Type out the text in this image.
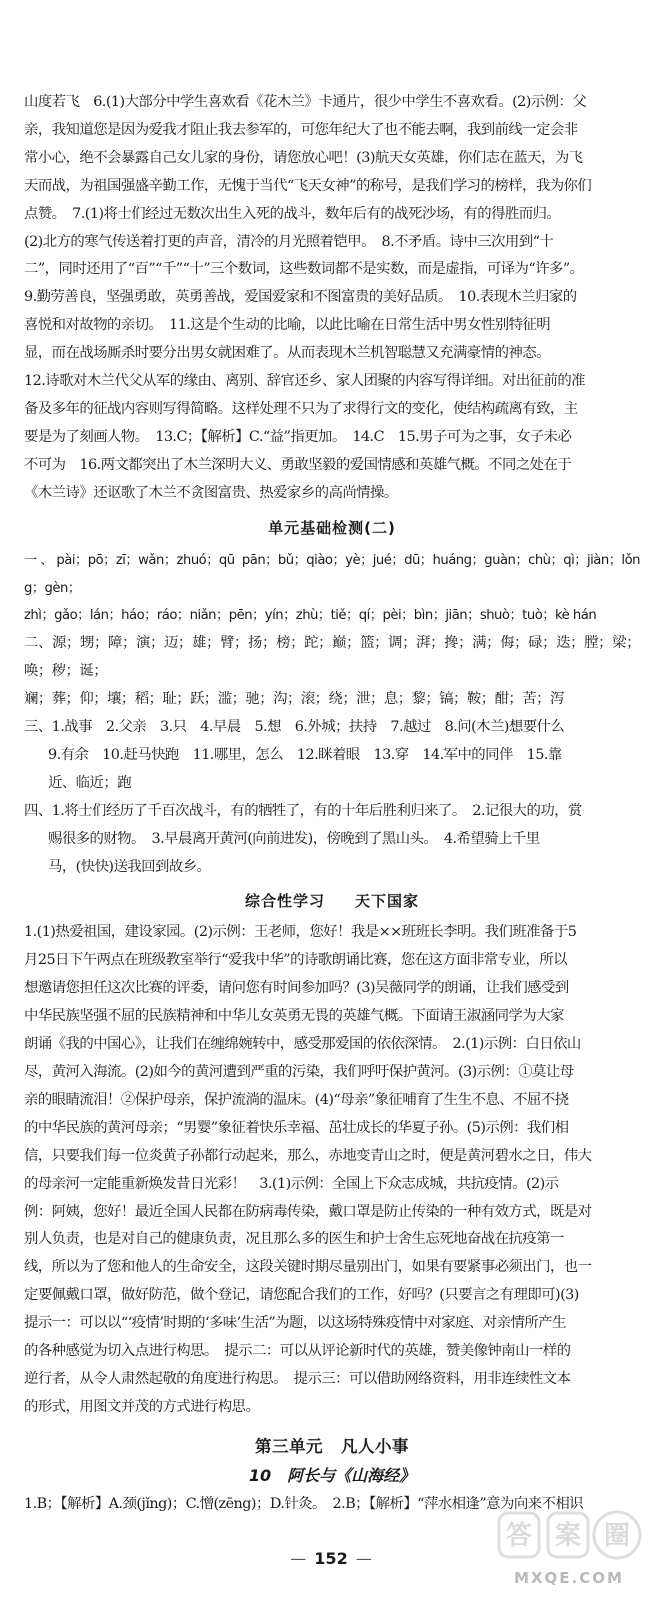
山度若飞　6.(1)大部分中学生喜欢看《花木兰》卡通片，很少中学生不喜欢看。(2)示例：父

亲，我知道您是因为爱我才阻止我去参军的，可您年纪大了也不能去啊，我到前线一定会非

常小心，绝不会暴露自己女儿家的身份，请您放心吧！(3)航天女英雄，你们志在蓝天，为飞

天而战，为祖国强盛辛勤工作，无愧于当代“飞天女神”的称号，是我们学习的榜样，我为你们

点赞。　7.(1)将士们经过无数次出生入死的战斗，数年后有的战死沙场，有的得胜而归。

(2)北方的寒气传送着打更的声音，清冷的月光照着铠甲。　8.不矛盾。诗中三次用到“十

二”，同时还用了“百”“千”“十”三个数词，这些数词都不是实数，而是虚指，可译为“许多”。

9.勤劳善良，坚强勇敢，英勇善战，爱国爱家和不图富贵的美好品质。　10.表现木兰归家的

喜悦和对故物的亲切。　11.这是个生动的比喻，以此比喻在日常生活中男女性别特征明

显，而在战场厮杀时要分出男女就困难了。从而表现木兰机智聪慧又充满豪情的神态。

12.诗歌对木兰代父从军的缘由、离别、辞官还乡、家人团聚的内容写得详细。对出征前的准

备及多年的征战内容则写得简略。这样处理不只为了求得行文的变化，使结构疏离有致，主

要是为了刻画人物。　13.C；【解析】C.“益”指更加。　14.C　15.男子可为之事，女子未必

不可为　16.两文都突出了木兰深明大义、勇敢坚毅的爱国情感和英雄气概。不同之处在于

《木兰诗》还讴歌了木兰不贪图富贵、热爱家乡的高尚情操。

单元基础检测(二)

一、pài；pō；zī；wǎn；zhuó；qū pān；bǔ；qiào；yè；jué；dū；huáng；guàn；chù；qì；jiàn；lǒng；gèn；

zhì；gǎo；lán；háo；ráo；niǎn；pēn；yín；zhù；tiě；qí；pèi；bìn；jiān；shuò；tuò；kè hán

二、源；甥；障；演；迈；雄；臂；扬；榜；跎；巅；篮；调；湃；搀；满；侮；碌；迭；膛；梁；唤；秽；诞；

斓；葬；仰；壤；稻；耻；跃；滥；驰；沟；滚；绕；泄；息；黎；镐；鞍；酣；苦；泻

三、1.战事　2.父亲　3.只　4.早晨　5.想　6.外城；扶持　7.越过　8.问(木兰)想要什么

9.有余　10.赶马快跑　11.哪里，怎么　12.眯着眼　13.穿　14.军中的同伴　15.靠

近、临近；跑

四、1.将士们经历了千百次战斗，有的牺牲了，有的十年后胜利归来了。　2.记很大的功，赏

赐很多的财物。　3.早晨离开黄河(向前进发)，傍晚到了黑山头。　4.希望骑上千里

马，(快快)送我回到故乡。

综合性学习 天下国家

1.(1)热爱祖国，建设家园。(2)示例：王老师，您好！我是××班班长李明。我们班准备于5

月25日下午两点在班级教室举行“爱我中华”的诗歌朗诵比赛，您在这方面非常专业，所以

想邀请您担任这次比赛的评委，请问您有时间参加吗？(3)吴薇同学的朗诵，让我们感受到

中华民族坚强不屈的民族精神和中华儿女英勇无畏的英雄气概。下面请王淑涵同学为大家

朗诵《我的中国心》，让我们在缠绵婉转中，感受那爱国的依依深情。　2.(1)示例：白日依山

尽，黄河入海流。(2)如今的黄河遭到严重的污染，我们呼吁保护黄河。(3)示例：①莫让母

亲的眼睛流泪！②保护母亲，保护流淌的温床。(4)“母亲”象征哺育了生生不息、不屈不挠

的中华民族的黄河母亲；“男婴”象征着快乐幸福、茁壮成长的华夏子孙。(5)示例：我们相

信，只要我们每一位炎黄子孙都行动起来，那么，赤地变青山之时，便是黄河碧水之日，伟大

的母亲河一定能重新焕发昔日光彩！　3.(1)示例：全国上下众志成城，共抗疫情。(2)示

例：阿姨，您好！最近全国人民都在防病毒传染，戴口罩是防止传染的一种有效方式，既是对

别人负责，也是对自己的健康负责，况且那么多的医生和护士舍生忘死地奋战在抗疫第一

线，所以为了您和他人的生命安全，这段关键时期尽量别出门，如果有要紧事必须出门，也一

定要佩戴口罩，做好防范，做个登记，请您配合我们的工作，好吗？(只要言之有理即可)(3)

提示一：可以以“‘疫情’时期的‘多味’生活”为题，以这场特殊疫情中对家庭、对亲情所产生

的各种感觉为切入点进行构思。　提示二：可以从评论新时代的英雄，赞美像钟南山一样的

逆行者，从令人肃然起敬的角度进行构思。　提示三：可以借助网络资料，用非连续性文本

的形式，用图文并茂的方式进行构思。

第三单元 凡人小事
10　阿长与《山海经》

1.B；【解析】A.颈(jǐng)；C.憎(zēng)；D.针灸。　2.B；【解析】“萍水相逢”意为向来不相识

— 152 —
答 案 圈
MXQE.COM
